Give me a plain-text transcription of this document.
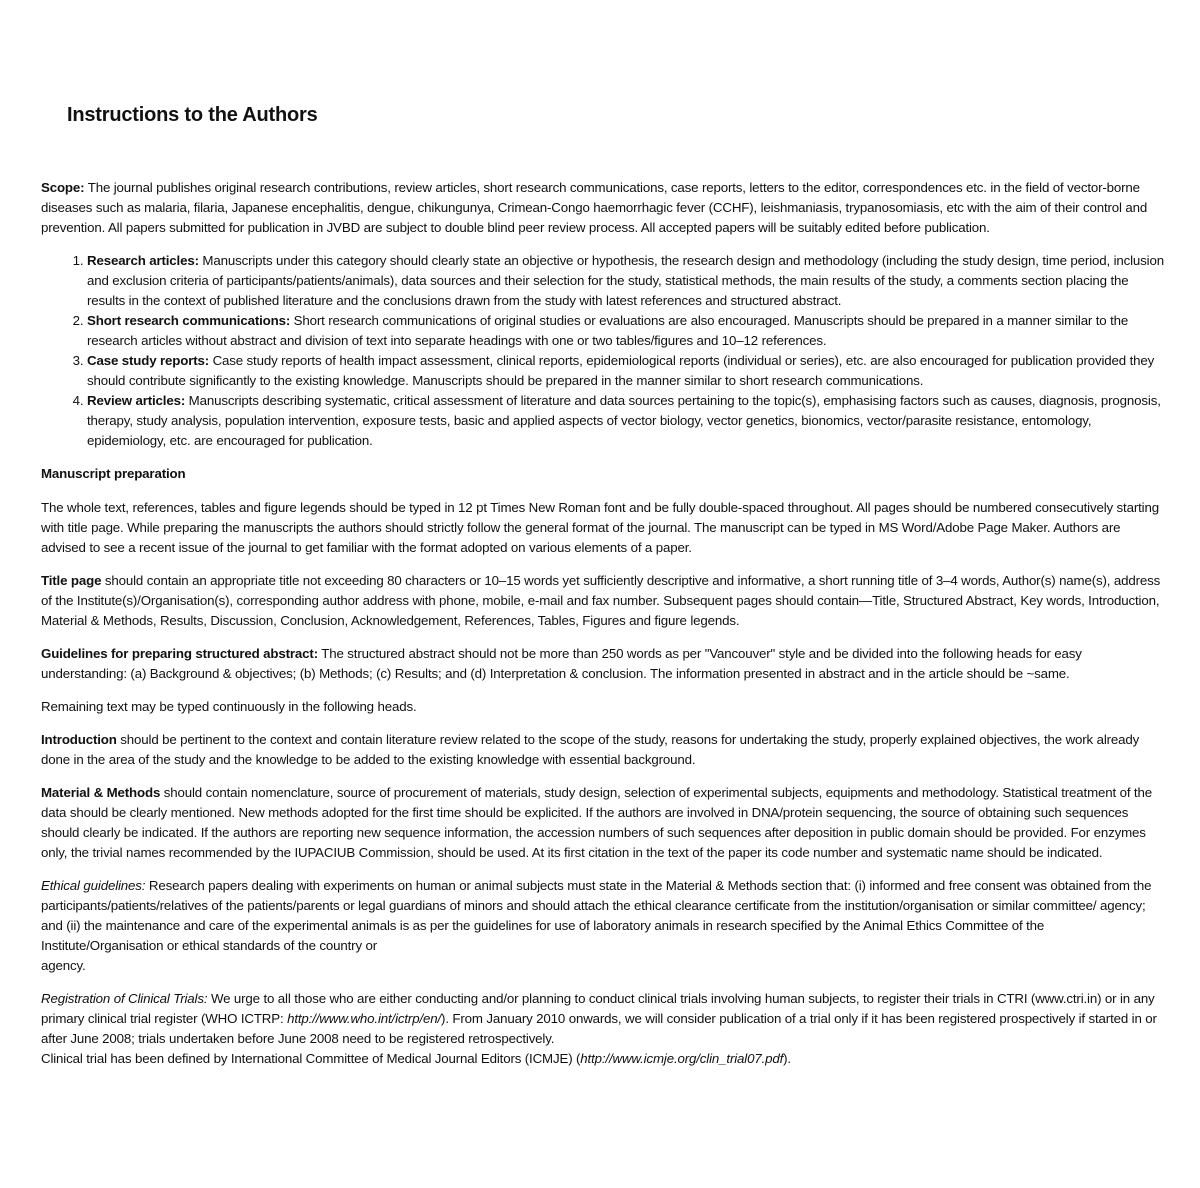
Instructions to the Authors

Scope: The journal publishes original research contributions, review articles, short research communications, case reports, letters to the editor, correspondences etc. in the field of vector-borne diseases such as malaria, filaria, Japanese encephalitis, dengue, chikungunya, Crimean-Congo haemorrhagic fever (CCHF), leishmaniasis, trypanosomiasis, etc with the aim of their control and prevention. All papers submitted for publication in JVBD are subject to double blind peer review process. All accepted papers will be suitably edited before publication.

1. Research articles: Manuscripts under this category should clearly state an objective or hypothesis, the research design and methodology (including the study design, time period, inclusion and exclusion criteria of participants/patients/animals), data sources and their selection for the study, statistical methods, the main results of the study, a comments section placing the results in the context of published literature and the conclusions drawn from the study with latest references and structured abstract.
2. Short research communications: Short research communications of original studies or evaluations are also encouraged. Manuscripts should be prepared in a manner similar to the research articles without abstract and division of text into separate headings with one or two tables/figures and 10–12 references.
3. Case study reports: Case study reports of health impact assessment, clinical reports, epidemiological reports (individual or series), etc. are also encouraged for publication provided they should contribute significantly to the existing knowledge. Manuscripts should be prepared in the manner similar to short research communications.
4. Review articles: Manuscripts describing systematic, critical assessment of literature and data sources pertaining to the topic(s), emphasising factors such as causes, diagnosis, prognosis, therapy, study analysis, population intervention, exposure tests, basic and applied aspects of vector biology, vector genetics, bionomics, vector/parasite resistance, entomology, epidemiology, etc. are encouraged for publication.

Manuscript preparation

The whole text, references, tables and figure legends should be typed in 12 pt Times New Roman font and be fully double-spaced throughout. All pages should be numbered consecutively starting with title page. While preparing the manuscripts the authors should strictly follow the general format of the journal. The manuscript can be typed in MS Word/Adobe Page Maker. Authors are advised to see a recent issue of the journal to get familiar with the format adopted on various elements of a paper.

Title page should contain an appropriate title not exceeding 80 characters or 10–15 words yet sufficiently descriptive and informative, a short running title of 3–4 words, Author(s) name(s), address of the Institute(s)/Organisation(s), corresponding author address with phone, mobile, e-mail and fax number. Subsequent pages should contain—Title, Structured Abstract, Key words, Introduction, Material & Methods, Results, Discussion, Conclusion, Acknowledgement, References, Tables, Figures and figure legends.

Guidelines for preparing structured abstract: The structured abstract should not be more than 250 words as per "Vancouver" style and be divided into the following heads for easy understanding: (a) Background & objectives; (b) Methods; (c) Results; and (d) Interpretation & conclusion. The information presented in abstract and in the article should be ~same.

Remaining text may be typed continuously in the following heads.

Introduction should be pertinent to the context and contain literature review related to the scope of the study, reasons for undertaking the study, properly explained objectives, the work already done in the area of the study and the knowledge to be added to the existing knowledge with essential background.

Material & Methods should contain nomenclature, source of procurement of materials, study design, selection of experimental subjects, equipments and methodology. Statistical treatment of the data should be clearly mentioned. New methods adopted for the first time should be explicited. If the authors are involved in DNA/protein sequencing, the source of obtaining such sequences should clearly be indicated. If the authors are reporting new sequence information, the accession numbers of such sequences after deposition in public domain should be provided. For enzymes only, the trivial names recommended by the IUPACIUB Commission, should be used. At its first citation in the text of the paper its code number and systematic name should be indicated.

Ethical guidelines: Research papers dealing with experiments on human or animal subjects must state in the Material & Methods section that: (i) informed and free consent was obtained from the participants/patients/relatives of the patients/parents or legal guardians of minors and should attach the ethical clearance certificate from the institution/organisation or similar committee/ agency; and (ii) the maintenance and care of the experimental animals is as per the guidelines for use of laboratory animals in research specified by the Animal Ethics Committee of the Institute/Organisation or ethical standards of the country or
agency.

Registration of Clinical Trials: We urge to all those who are either conducting and/or planning to conduct clinical trials involving human subjects, to register their trials in CTRI (www.ctri.in) or in any primary clinical trial register (WHO ICTRP: http://www.who.int/ictrp/en/). From January 2010 onwards, we will consider publication of a trial only if it has been registered prospectively if started in or after June 2008; trials undertaken before June 2008 need to be registered retrospectively.
Clinical trial has been defined by International Committee of Medical Journal Editors (ICMJE) (http://www.icmje.org/clin_trial07.pdf).
